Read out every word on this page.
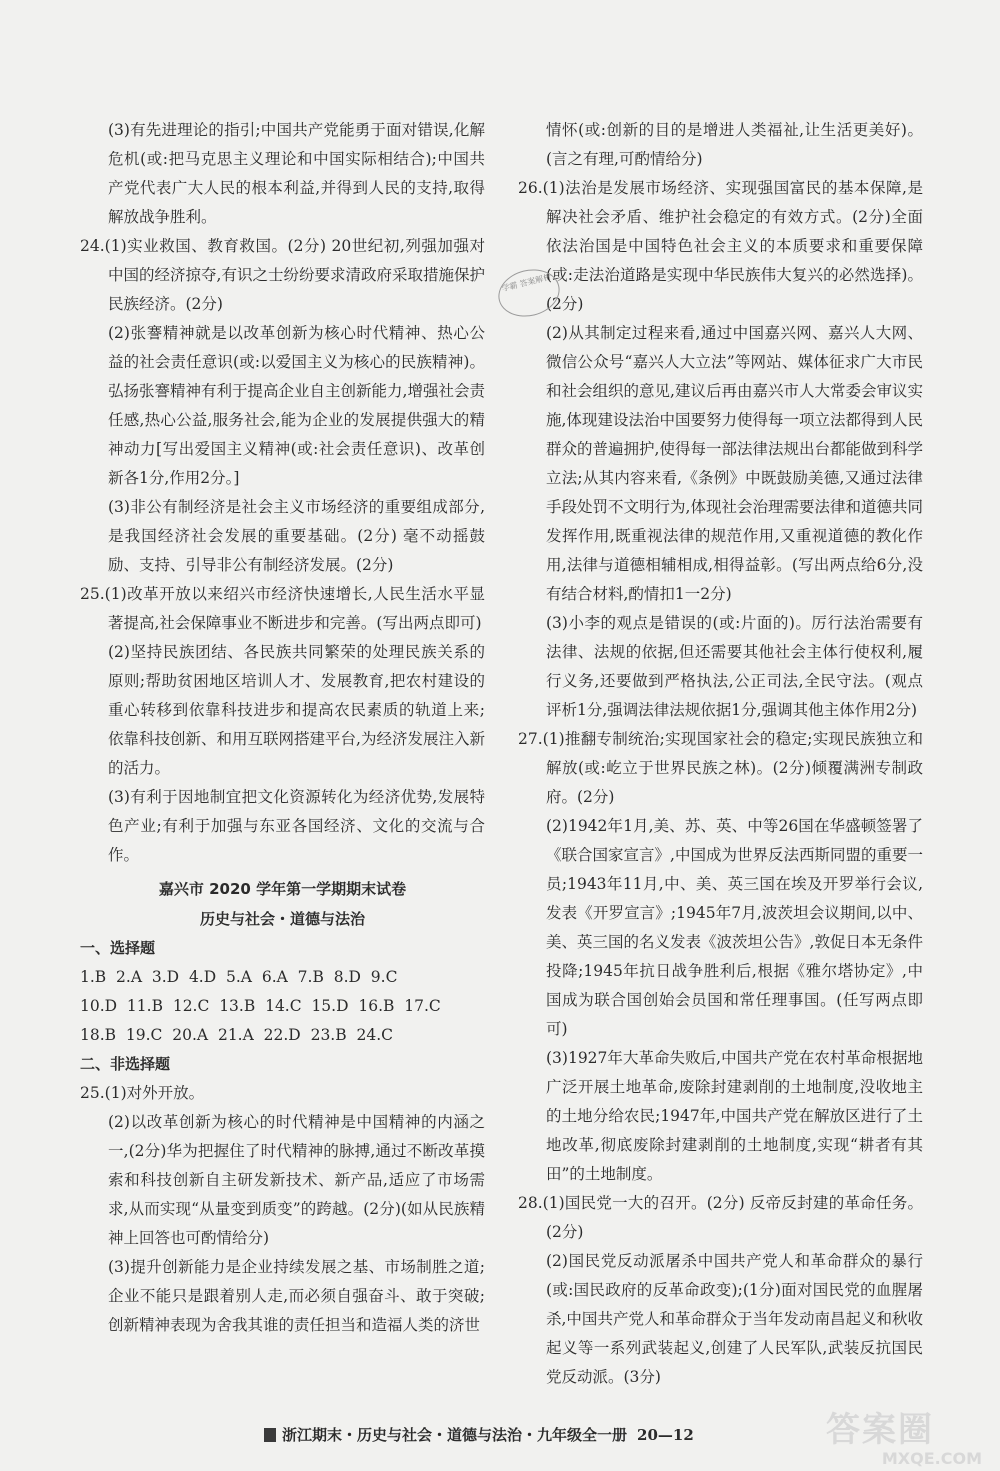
(3)有先进理论的指引;中国共产党能勇于面对错误,化解危机(或:把马克思主义理论和中国实际相结合);中国共产党代表广大人民的根本利益,并得到人民的支持,取得解放战争胜利。

24.(1)实业救国、教育救国。(2分) 20世纪初,列强加强对中国的经济掠夺,有识之士纷纷要求清政府采取措施保护民族经济。(2分)

(2)张謇精神就是以改革创新为核心时代精神、热心公益的社会责任意识(或:以爱国主义为核心的民族精神)。弘扬张謇精神有利于提高企业自主创新能力,增强社会责任感,热心公益,服务社会,能为企业的发展提供强大的精神动力[写出爱国主义精神(或:社会责任意识)、改革创新各1分,作用2分。]

(3)非公有制经济是社会主义市场经济的重要组成部分,是我国经济社会发展的重要基础。(2分) 毫不动摇鼓励、支持、引导非公有制经济发展。(2分)

25.(1)改革开放以来绍兴市经济快速增长,人民生活水平显著提高,社会保障事业不断进步和完善。(写出两点即可)

(2)坚持民族团结、各民族共同繁荣的处理民族关系的原则;帮助贫困地区培训人才、发展教育,把农村建设的重心转移到依靠科技进步和提高农民素质的轨道上来;依靠科技创新、和用互联网搭建平台,为经济发展注入新的活力。

(3)有利于因地制宜把文化资源转化为经济优势,发展特色产业;有利于加强与东亚各国经济、文化的交流与合作。

嘉兴市 2020 学年第一学期期末试卷

历史与社会・道德与法治

一、选择题

1.B  2.A  3.D  4.D  5.A  6.A  7.B  8.D  9.C

10.D  11.B  12.C  13.B  14.C  15.D  16.B  17.C

18.B  19.C  20.A  21.A  22.D  23.B  24.C

二、非选择题

25.(1)对外开放。

(2)以改革创新为核心的时代精神是中国精神的内涵之一,(2分)华为把握住了时代精神的脉搏,通过不断改革摸索和科技创新自主研发新技术、新产品,适应了市场需求,从而实现“从量变到质变”的跨越。(2分)(如从民族精神上回答也可酌情给分)

(3)提升创新能力是企业持续发展之基、市场制胜之道;企业不能只是跟着别人走,而必须自强奋斗、敢于突破;创新精神表现为舍我其谁的责任担当和造福人类的济世

情怀(或:创新的目的是增进人类福祉,让生活更美好)。(言之有理,可酌情给分)

26.(1)法治是发展市场经济、实现强国富民的基本保障,是解决社会矛盾、维护社会稳定的有效方式。(2分)全面依法治国是中国特色社会主义的本质要求和重要保障(或:走法治道路是实现中华民族伟大复兴的必然选择)。(2分)

(2)从其制定过程来看,通过中国嘉兴网、嘉兴人大网、微信公众号“嘉兴人大立法”等网站、媒体征求广大市民和社会组织的意见,建议后再由嘉兴市人大常委会审议实施,体现建设法治中国要努力使得每一项立法都得到人民群众的普遍拥护,使得每一部法律法规出台都能做到科学立法;从其内容来看,《条例》中既鼓励美德,又通过法律手段处罚不文明行为,体现社会治理需要法律和道德共同发挥作用,既重视法律的规范作用,又重视道德的教化作用,法律与道德相辅相成,相得益彰。(写出两点给6分,没有结合材料,酌情扣1一2分)

(3)小李的观点是错误的(或:片面的)。厉行法治需要有法律、法规的依据,但还需要其他社会主体行使权利,履行义务,还要做到严格执法,公正司法,全民守法。(观点评析1分,强调法律法规依据1分,强调其他主体作用2分)

27.(1)推翻专制统治;实现国家社会的稳定;实现民族独立和解放(或:屹立于世界民族之林)。(2分)倾覆满洲专制政府。(2分)

(2)1942年1月,美、苏、英、中等26国在华盛顿签署了《联合国家宣言》,中国成为世界反法西斯同盟的重要一员;1943年11月,中、美、英三国在埃及开罗举行会议,发表《开罗宣言》;1945年7月,波茨坦会议期间,以中、美、英三国的名义发表《波茨坦公告》,敦促日本无条件投降;1945年抗日战争胜利后,根据《雅尔塔协定》,中国成为联合国创始会员国和常任理事国。(任写两点即可)

(3)1927年大革命失败后,中国共产党在农村革命根据地广泛开展土地革命,废除封建剥削的土地制度,没收地主的土地分给农民;1947年,中国共产党在解放区进行了土地改革,彻底废除封建剥削的土地制度,实现“耕者有其田”的土地制度。

28.(1)国民党一大的召开。(2分) 反帝反封建的革命任务。(2分)

(2)国民党反动派屠杀中国共产党人和革命群众的暴行(或:国民政府的反革命政变);(1分)面对国民党的血腥屠杀,中国共产党人和革命群众于当年发动南昌起义和秋收起义等一系列武装起义,创建了人民军队,武装反抗国民党反动派。(3分)

学霸 答案解析
浙江期末・历史与社会・道德与法治・九年级全一册 20—12	答案圈
MXQE.COM
